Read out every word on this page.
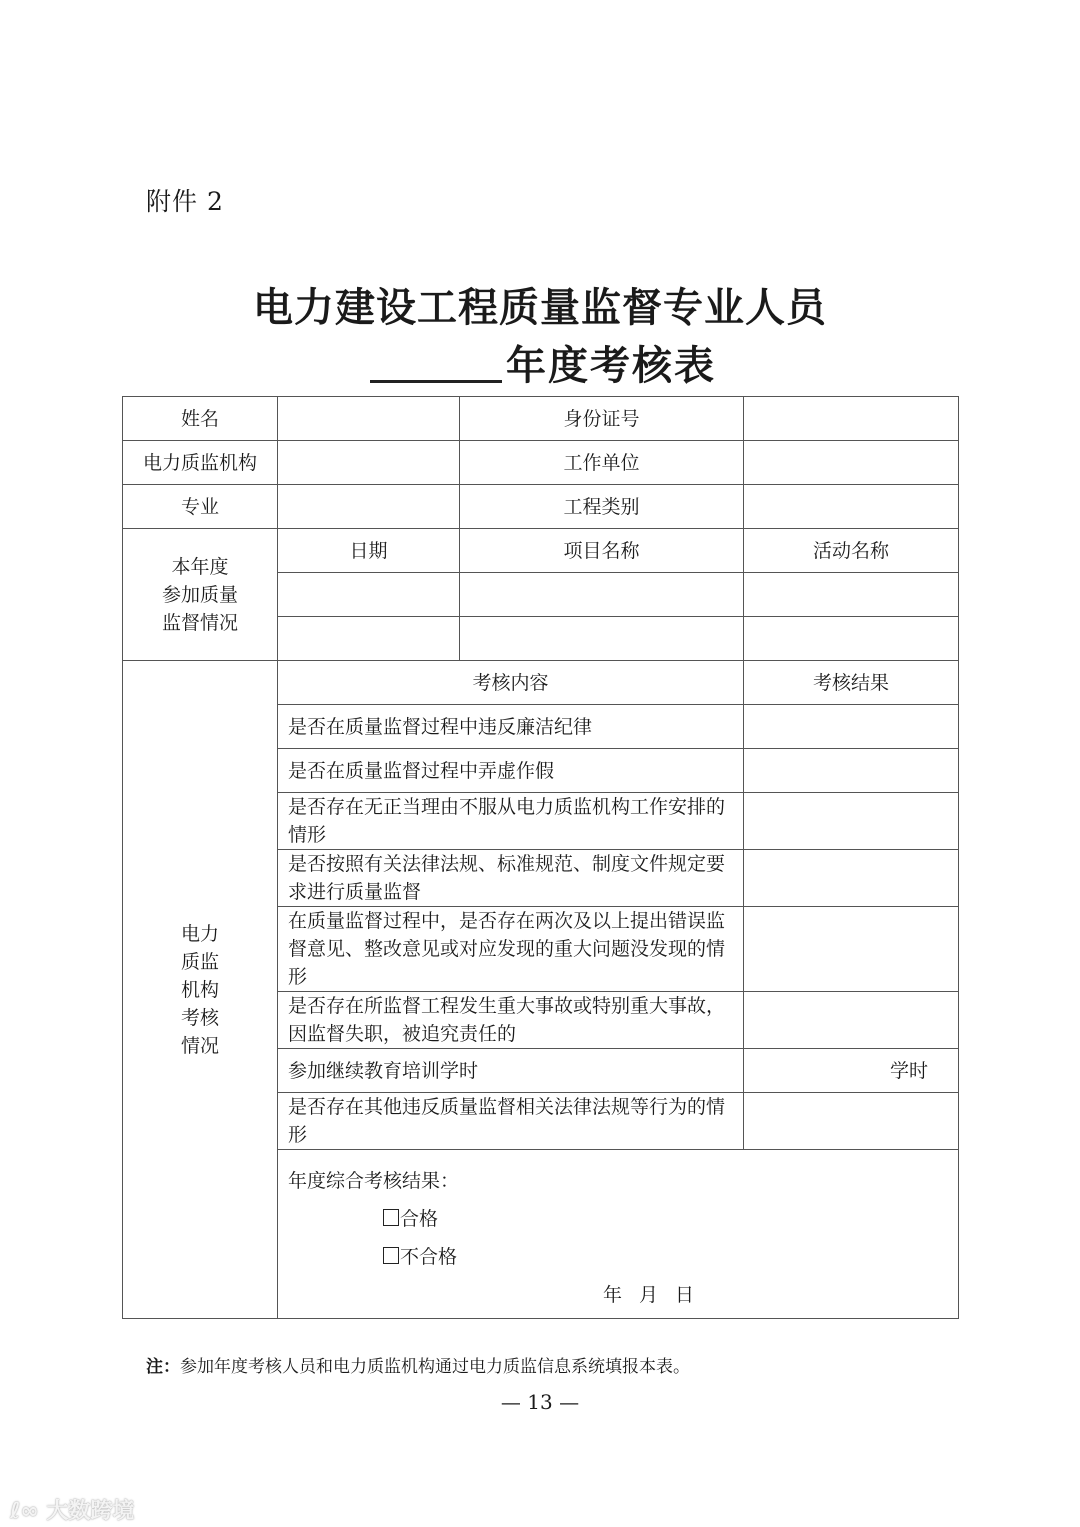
附件 2
电力建设工程质量监督专业人员
年度考核表
姓名		身份证号	
电力质监机构		工作单位	
专业		工程类别	

本年度
参加质量
监督情况	日期	项目名称	活动名称

电力
质监
机构
考核
情况	考核内容		考核结果
	是否在质量监督过程中违反廉洁纪律		
	是否在质量监督过程中弄虚作假		
	是否存在无正当理由不服从电力质监机构工作安排的情形		
	是否按照有关法律法规、标准规范、制度文件规定要求进行质量监督		
	在质量监督过程中，是否存在两次及以上提出错误监督意见、整改意见或对应发现的重大问题没发现的情形		
	是否存在所监督工程发生重大事故或特别重大事故，因监督失职，被追究责任的		
	参加继续教育培训学时		学时
	是否存在其他违反质量监督相关法律法规等行为的情形		

	年度综合考核结果：
合格
不合格
年 月 日		
注：参加年度考核人员和电力质监机构通过电力质监信息系统填报本表。
— 13 —
ℓ∞ 大数跨境
